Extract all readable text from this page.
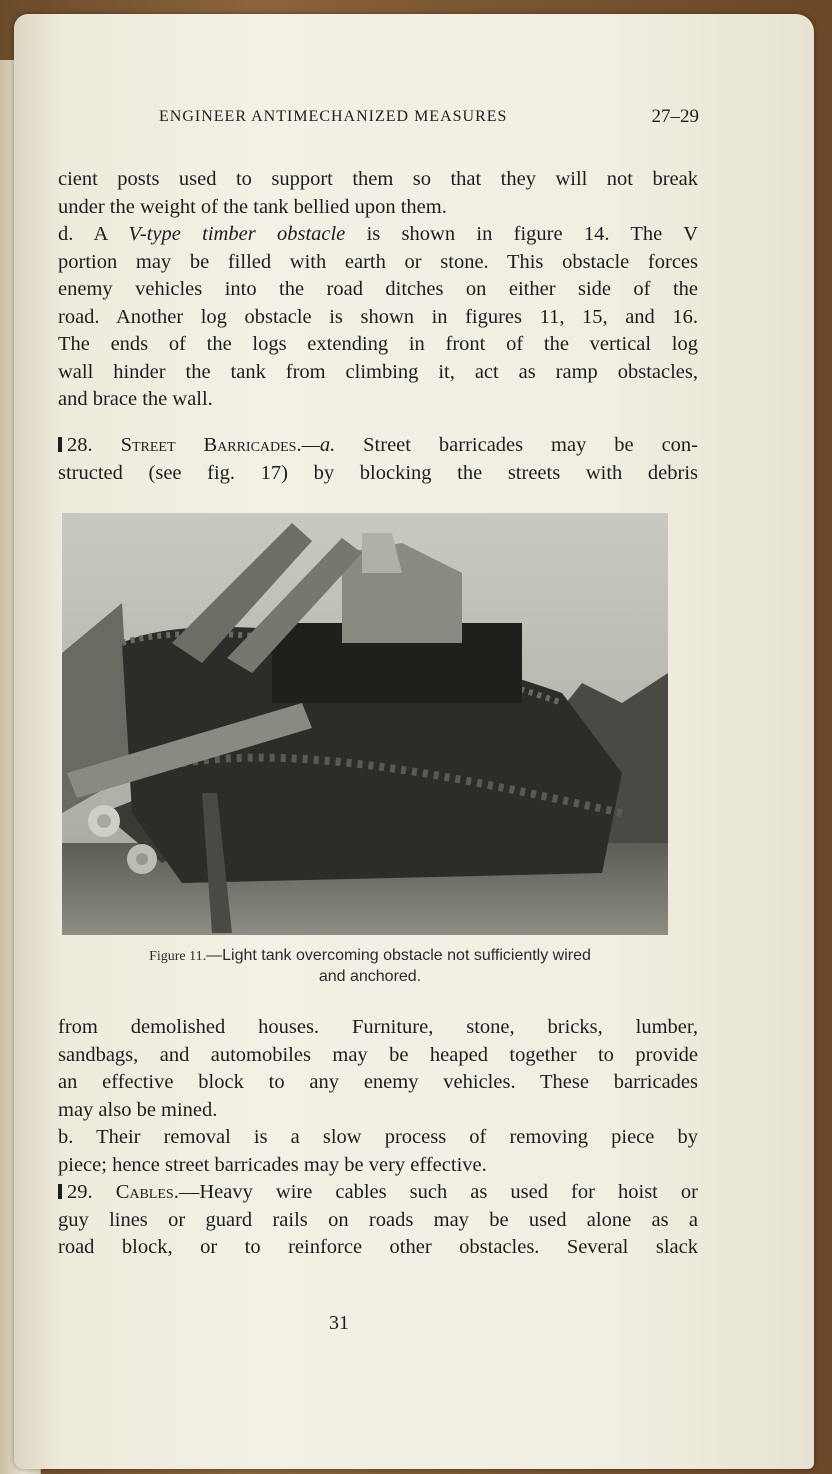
ENGINEER ANTIMECHANIZED MEASURES	27–29

cient posts used to support them so that they will not break

under the weight of the tank bellied upon them.

d. A V-type timber obstacle is shown in figure 14. The V

portion may be filled with earth or stone. This obstacle forces

enemy vehicles into the road ditches on either side of the

road. Another log obstacle is shown in figures 11, 15, and 16.

The ends of the logs extending in front of the vertical log

wall hinder the tank from climbing it, act as ramp obstacles,

and brace the wall.

28. Street Barricades.—a. Street barricades may be con-

structed (see fig. 17) by blocking the streets with debris

Figure 11.—Light tank overcoming obstacle not sufficiently wired
and anchored.

from demolished houses. Furniture, stone, bricks, lumber,

sandbags, and automobiles may be heaped together to provide

an effective block to any enemy vehicles. These barricades

may also be mined.

b. Their removal is a slow process of removing piece by

piece; hence street barricades may be very effective.

29. Cables.—Heavy wire cables such as used for hoist or

guy lines or guard rails on roads may be used alone as a

road block, or to reinforce other obstacles. Several slack

31
